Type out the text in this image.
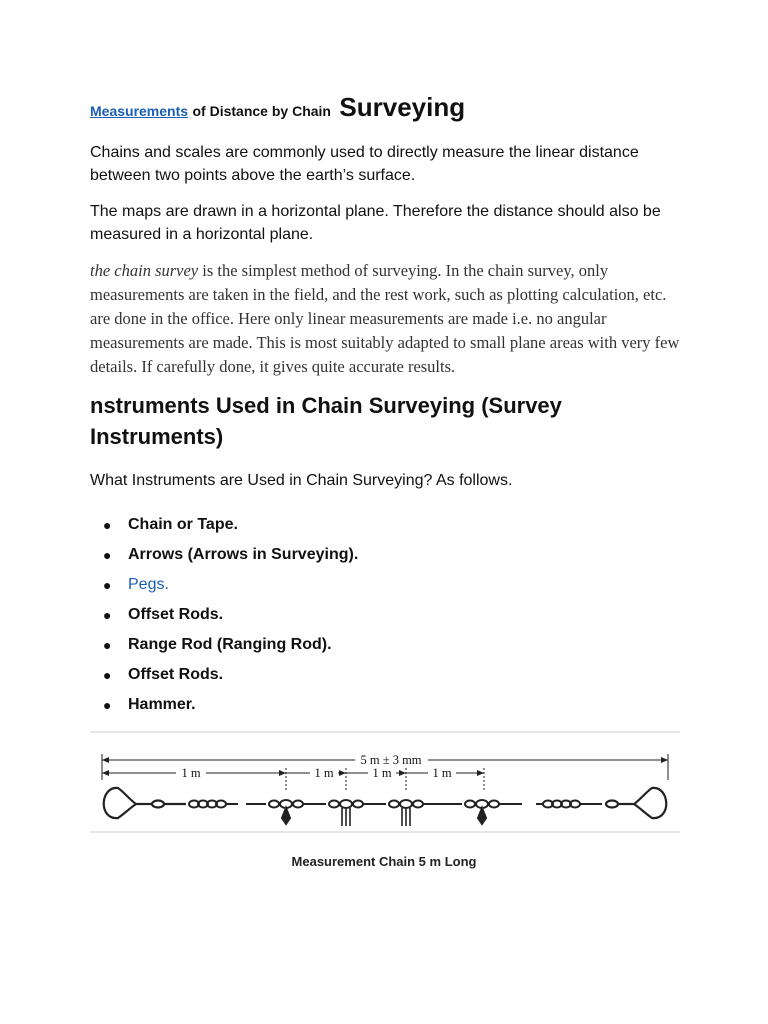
Measurements of Distance by Chain Surveying

Chains and scales are commonly used to directly measure the linear distance between two points above the earth’s surface.

The maps are drawn in a horizontal plane. Therefore the distance should also be measured in a horizontal plane.

the chain survey is the simplest method of surveying. In the chain survey, only measurements are taken in the field, and the rest work, such as plotting calculation, etc. are done in the office. Here only linear measurements are made i.e. no angular measurements are made. This is most suitably adapted to small plane areas with very few details. If carefully done, it gives quite accurate results.

nstruments Used in Chain Surveying (Survey Instruments)

What Instruments are Used in Chain Surveying? As follows.

● Chain or Tape.
● Arrows (Arrows in Surveying).
● Pegs.
● Offset Rods.
● Range Rod (Ranging Rod).
● Offset Rods.
● Hammer.
5 m ± 3 mm
1 m	1 m	1 m	1 m
Measurement Chain 5 m Long
